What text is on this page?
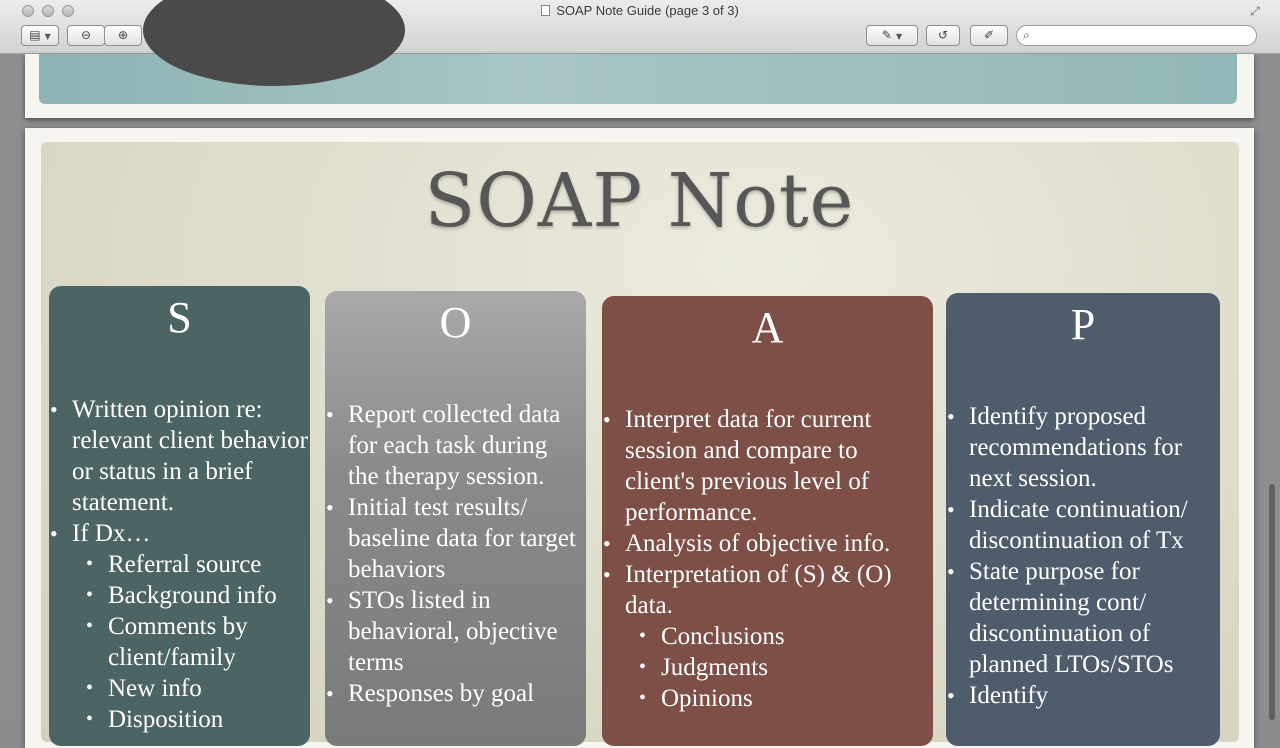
SOAP Note Guide (page 3 of 3)	⤢
▤ ▼	⊖	⊕	✎ ▼	↺	✐	⌕
SOAP Note
S
• Written opinion re: relevant client behavior or status in a brief statement.
• If Dx…
• Referral source
• Background info
• Comments by client/family
• New info
• Disposition
O
• Report collected data for each task during the therapy session.
• Initial test results/ baseline data for target behaviors
• STOs listed in behavioral, objective terms
• Responses by goal
A
• Interpret data for current session and compare to client's previous level of performance.
• Analysis of objective info.
• Interpretation of (S) & (O) data.
• Conclusions
• Judgments
• Opinions
P
• Identify proposed recommendations for next session.
• Indicate continuation/ discontinuation of Tx
• State purpose for determining cont/ discontinuation of planned LTOs/STOs
• Identify
